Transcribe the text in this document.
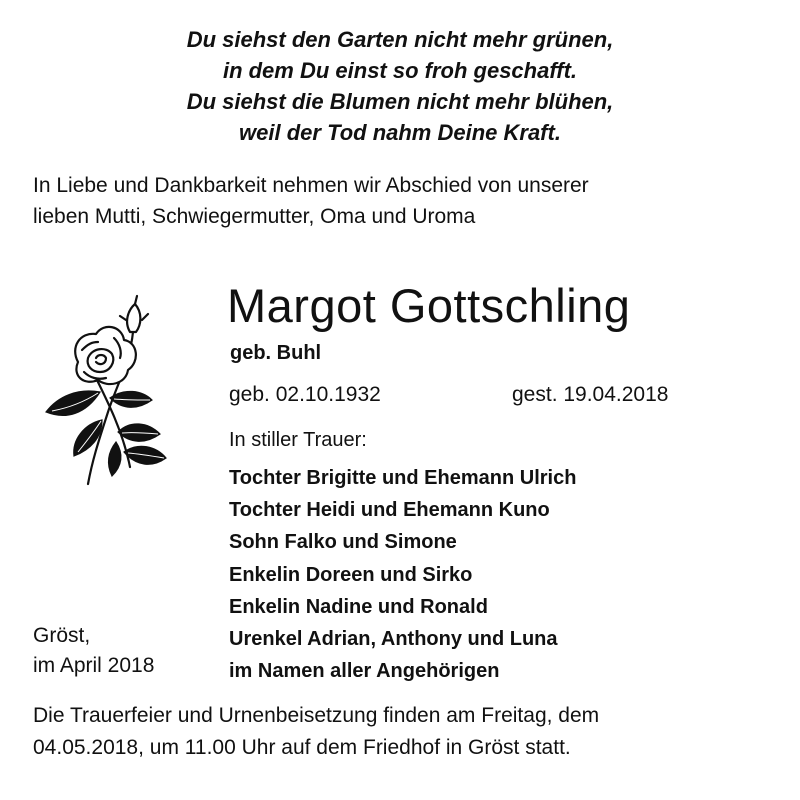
Du siehst den Garten nicht mehr grünen,
in dem Du einst so froh geschafft.
Du siehst die Blumen nicht mehr blühen,
weil der Tod nahm Deine Kraft.
In Liebe und Dankbarkeit nehmen wir Abschied von unserer
lieben Mutti, Schwiegermutter, Oma und Uroma
Margot Gottschling
geb. Buhl
geb. 02.10.1932	gest. 19.04.2018
In stiller Trauer:
Tochter Brigitte und Ehemann Ulrich
Tochter Heidi und Ehemann Kuno
Sohn Falko und Simone
Enkelin Doreen und Sirko
Enkelin Nadine und Ronald
Urenkel Adrian, Anthony und Luna
im Namen aller Angehörigen
Gröst,
im April 2018
Die Trauerfeier und Urnenbeisetzung finden am Freitag, dem
04.05.2018, um 11.00 Uhr auf dem Friedhof in Gröst statt.
